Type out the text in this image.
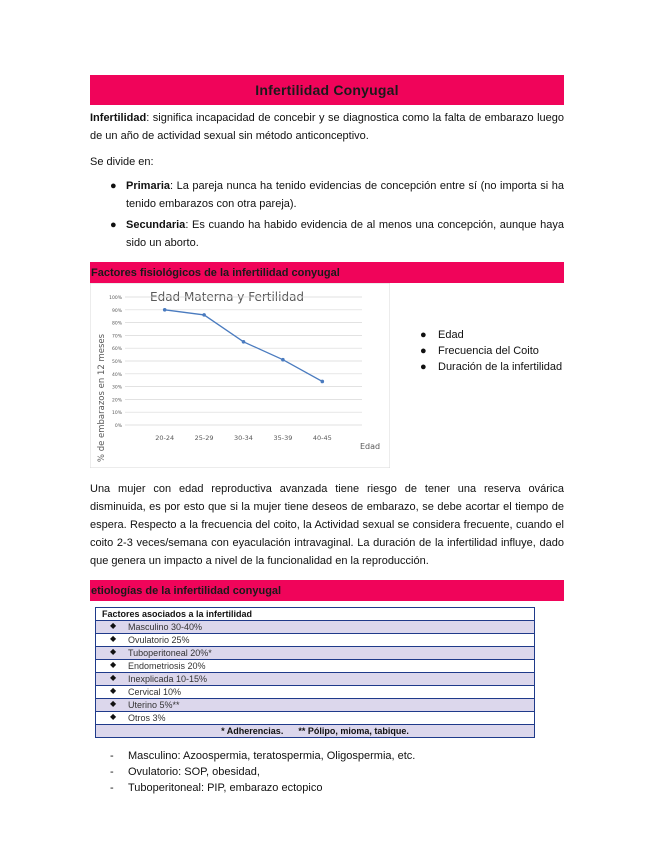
Infertilidad Conyugal

Infertilidad: significa incapacidad de concebir y se diagnostica como la falta de embarazo luego de un año de actividad sexual sin método anticonceptivo.

Se divide en:

● Primaria: La pareja nunca ha tenido evidencias de concepción entre sí (no importa si ha tenido embarazos con otra pareja).
● Secundaria: Es cuando ha habido evidencia de al menos una concepción, aunque haya sido un aborto.
Factores fisiológicos de la infertilidad conyugal
Edad Materna y Fertilidad
Edad
% de embarazos en 12 meses 0%
10%
20%
30%
40%
50%
60%
70%
80%
90%
100%
20-24	25-29	30-34	35-39	40-45
● Edad
● Frecuencia del Coito
● Duración de la infertilidad

Una mujer con edad reproductiva avanzada tiene riesgo de tener una reserva ovárica disminuida, es por esto que si la mujer tiene deseos de embarazo, se debe acortar el tiempo de espera. Respecto a la frecuencia del coito, la Actividad sexual se considera frecuente, cuando el coito 2-3 veces/semana con eyaculación intravaginal. La duración de la infertilidad influye, dado que genera un impacto a nivel de la funcionalidad en la reproducción.

etiologías de la infertilidad conyugal
Factores asociados a la infertilidad

◆ Masculino 30-40%

◆ Ovulatorio 25%

◆ Tuboperitoneal 20%*

◆ Endometriosis 20%

◆ Inexplicada 10-15%

◆ Cervical 10%

◆ Uterino 5%**

◆ Otros 3%
* Adherencias. ** Pólipo, mioma, tabique.
- Masculino: Azoospermia, teratospermia, Oligospermia, etc.
- Ovulatorio: SOP, obesidad,
- Tuboperitoneal: PIP, embarazo ectopico
